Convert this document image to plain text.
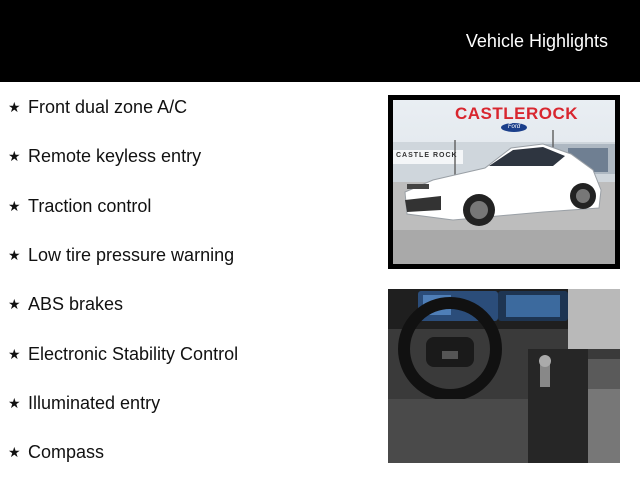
Vehicle Highlights
★ Front dual zone A/C
★ Remote keyless entry
★ Traction control
★ Low tire pressure warning
★ ABS brakes
★ Electronic Stability Control
★ Illuminated entry
★ Compass
CASTLEROCK
Ford
CASTLE ROCK
